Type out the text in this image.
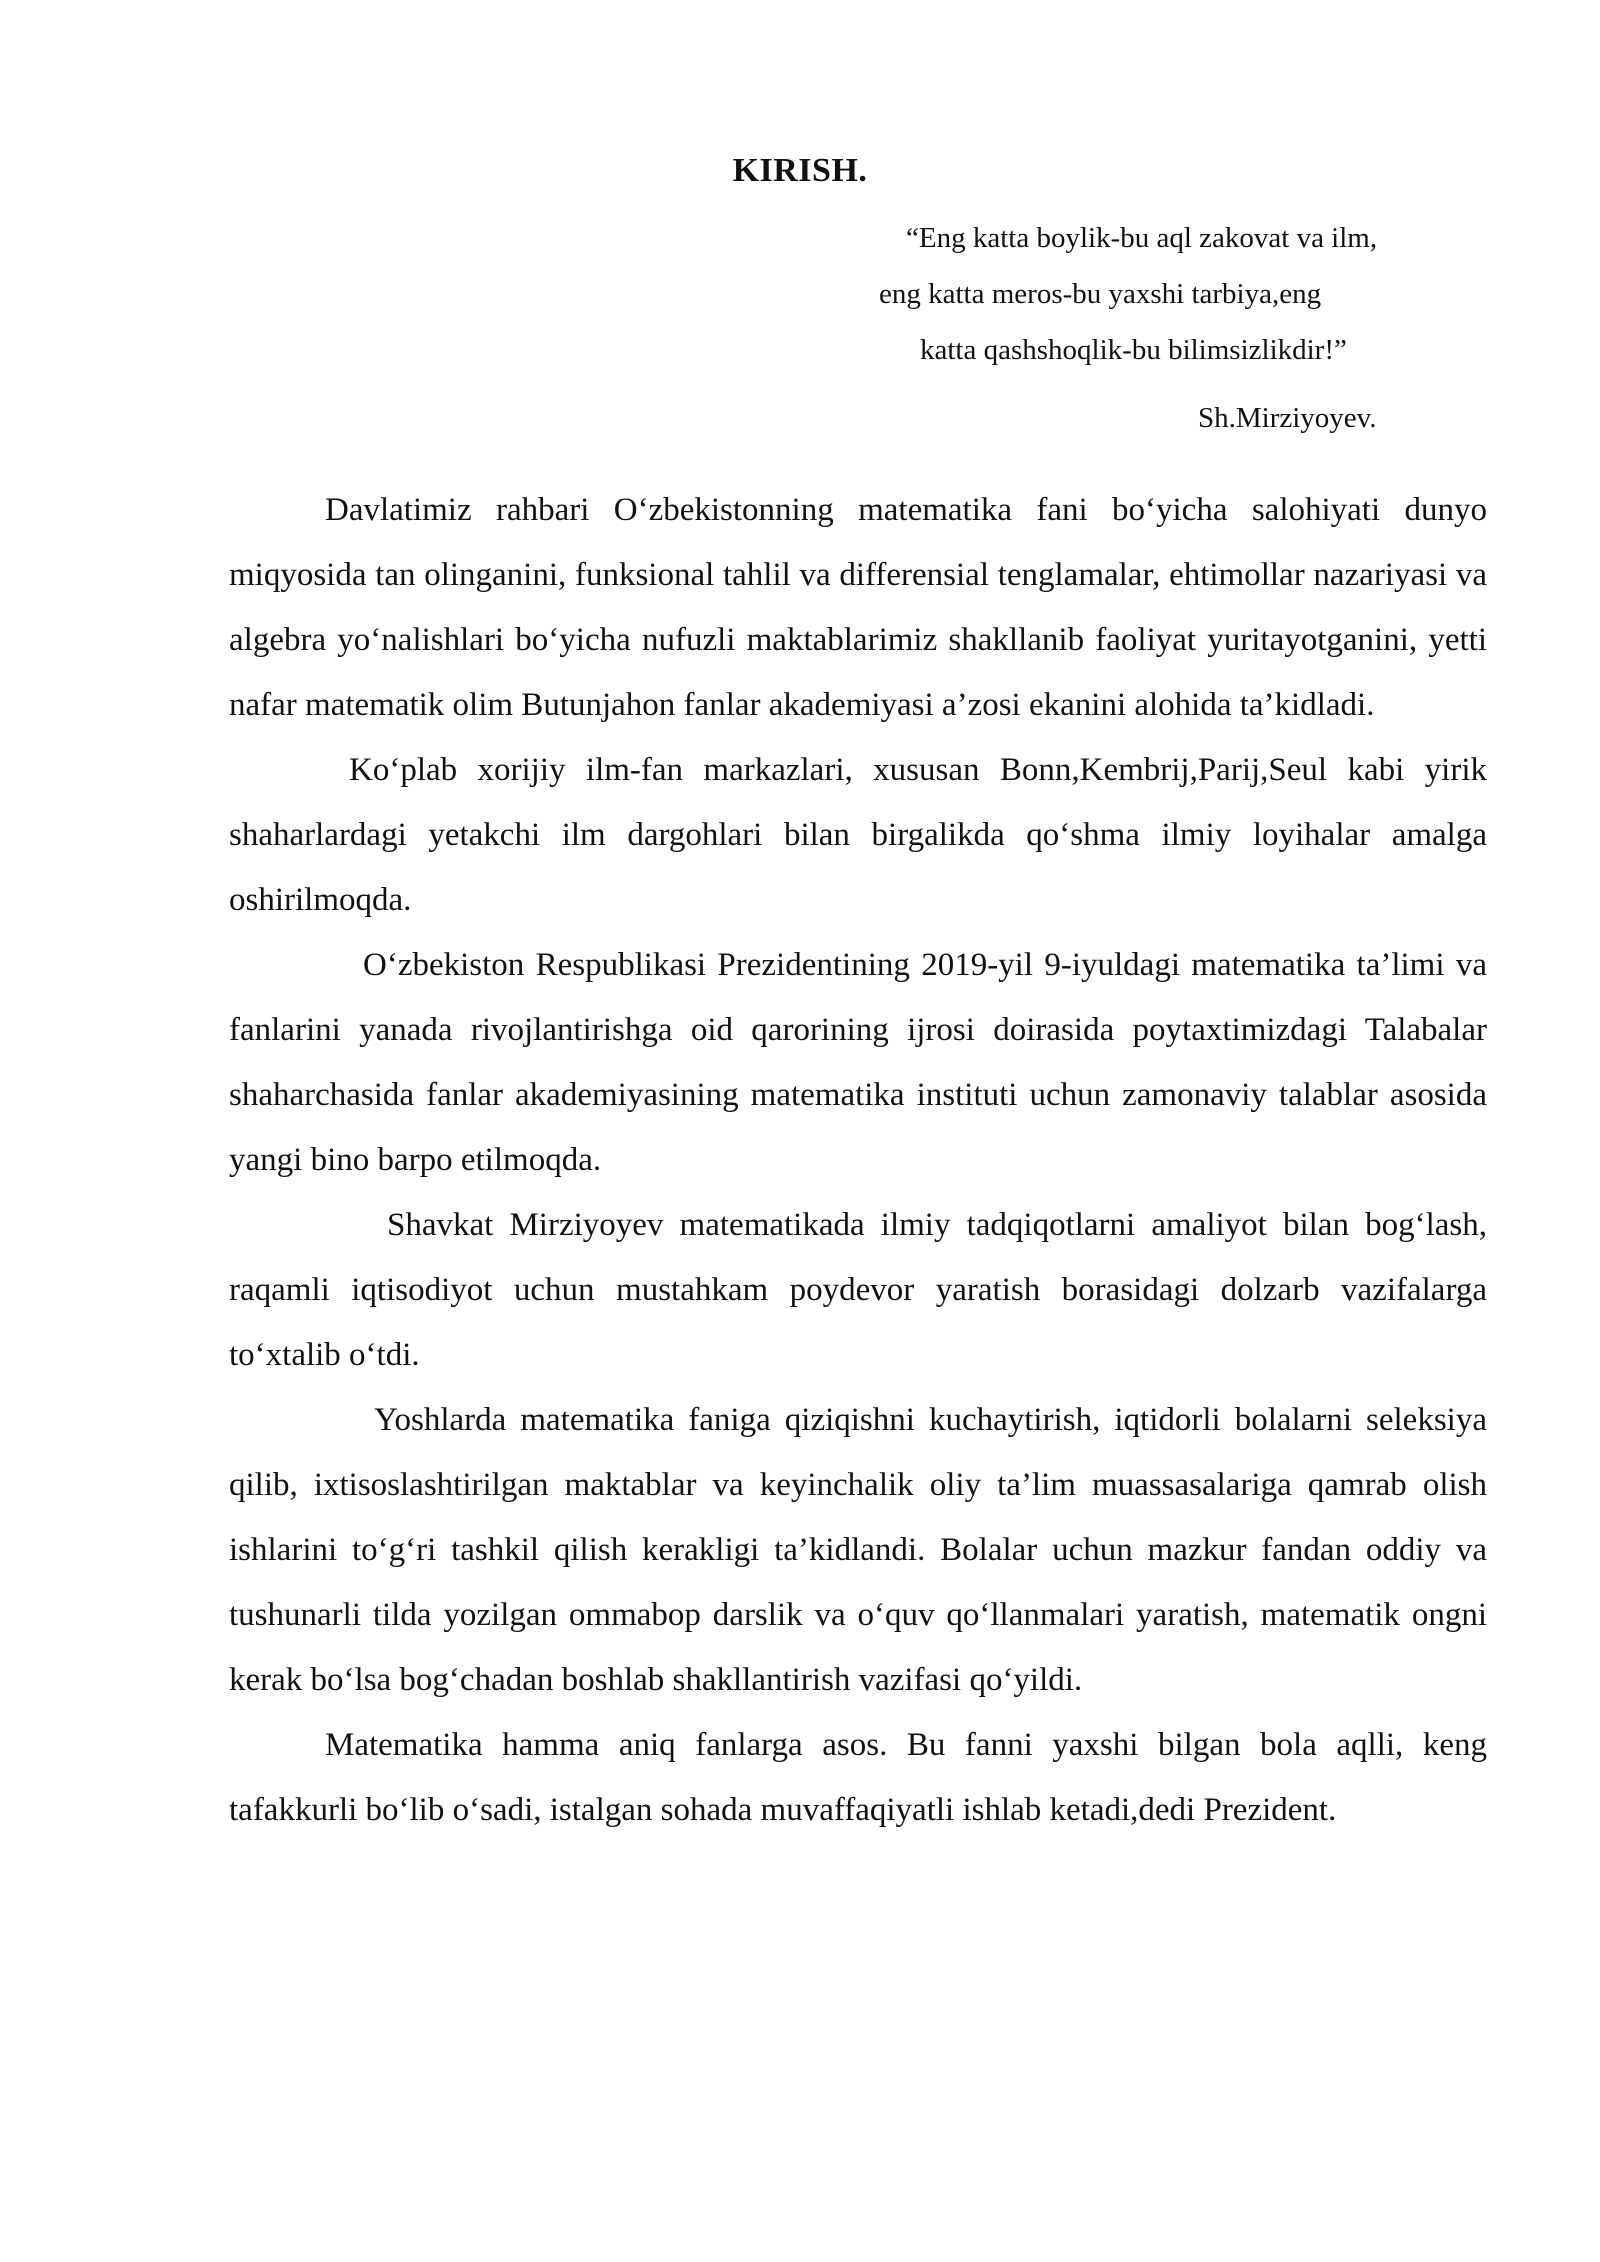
KIRISH.
“Eng katta boylik-bu aql zakovat va ilm,
eng katta meros-bu yaxshi tarbiya,eng
katta qashshoqlik-bu bilimsizlikdir!”
Sh.Mirziyoyev.

Davlatimiz rahbari O‘zbekistonning matematika fani bo‘yicha salohiyati dunyo miqyosida tan olinganini, funksional tahlil va differensial tenglamalar, ehtimollar nazariyasi va algebra yo‘nalishlari bo‘yicha nufuzli maktablarimiz shakllanib faoliyat yuritayotganini, yetti nafar matematik olim Butunjahon fanlar akademiyasi a’zosi ekanini alohida ta’kidladi.

Ko‘plab xorijiy ilm-fan markazlari, xususan Bonn,Kembrij,Parij,Seul kabi yirik shaharlardagi yetakchi ilm dargohlari bilan birgalikda qo‘shma ilmiy loyihalar amalga oshirilmoqda.

O‘zbekiston Respublikasi Prezidentining 2019-yil 9-iyuldagi matematika ta’limi va fanlarini yanada rivojlantirishga oid qarorining ijrosi doirasida poytaxtimizdagi Talabalar shaharchasida fanlar akademiyasining matematika instituti uchun zamonaviy talablar asosida yangi bino barpo etilmoqda.

Shavkat Mirziyoyev matematikada ilmiy tadqiqotlarni amaliyot bilan bog‘lash, raqamli iqtisodiyot uchun mustahkam poydevor yaratish borasidagi dolzarb vazifalarga to‘xtalib o‘tdi.

Yoshlarda matematika faniga qiziqishni kuchaytirish, iqtidorli bolalarni seleksiya qilib, ixtisoslashtirilgan maktablar va keyinchalik oliy ta’lim muassasalariga qamrab olish ishlarini to‘g‘ri tashkil qilish kerakligi ta’kidlandi. Bolalar uchun mazkur fandan oddiy va tushunarli tilda yozilgan ommabop darslik va o‘quv qo‘llanmalari yaratish, matematik ongni kerak bo‘lsa bog‘chadan boshlab shakllantirish vazifasi qo‘yildi.

Matematika hamma aniq fanlarga asos. Bu fanni yaxshi bilgan bola aqlli, keng tafakkurli bo‘lib o‘sadi, istalgan sohada muvaffaqiyatli ishlab ketadi,dedi Prezident.
